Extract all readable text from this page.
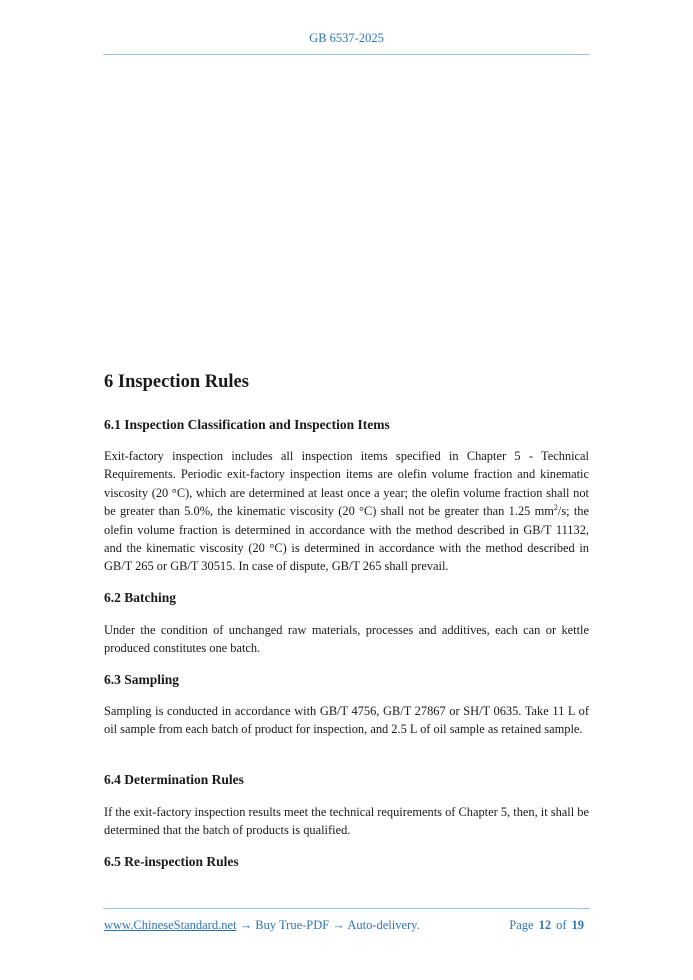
GB 6537-2025
6 Inspection Rules
6.1 Inspection Classification and Inspection Items

Exit-factory inspection includes all inspection items specified in Chapter 5 - Technical Requirements. Periodic exit-factory inspection items are olefin volume fraction and kinematic viscosity (20 °C), which are determined at least once a year; the olefin volume fraction shall not be greater than 5.0%, the kinematic viscosity (20 °C) shall not be greater than 1.25 $mm^2/s$; the olefin volume fraction is determined in accordance with the method described in GB/T 11132, and the kinematic viscosity (20 °C) is determined in accordance with the method described in GB/T 265 or GB/T 30515. In case of dispute, GB/T 265 shall prevail.

6.2 Batching

Under the condition of unchanged raw materials, processes and additives, each can or kettle produced constitutes one batch.

6.3 Sampling

Sampling is conducted in accordance with GB/T 4756, GB/T 27867 or SH/T 0635. Take 11 L of oil sample from each batch of product for inspection, and 2.5 L of oil sample as retained sample.

6.4 Determination Rules

If the exit-factory inspection results meet the technical requirements of Chapter 5, then, it shall be determined that the batch of products is qualified.

6.5 Re-inspection Rules
www.ChineseStandard.net → Buy True-PDF → Auto-delivery.	Page 12 of 19
